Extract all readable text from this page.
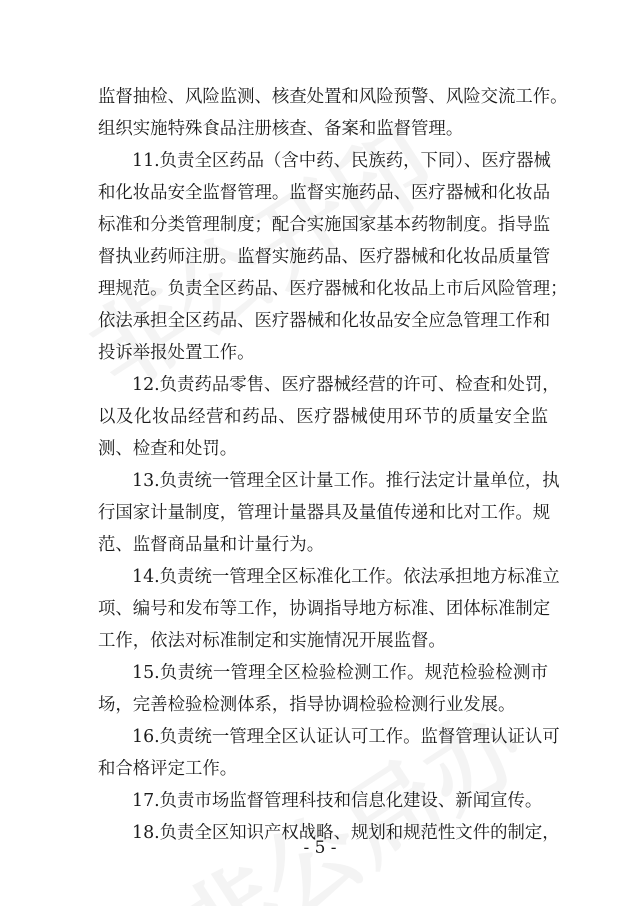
监督抽检、风险监测、核查处置和风险预警、风险交流工作。
组织实施特殊食品注册核查、备案和监督管理。
11.负责全区药品（含中药、民族药，下同）、医疗器械
和化妆品安全监督管理。监督实施药品、医疗器械和化妆品
标准和分类管理制度；配合实施国家基本药物制度。指导监
督执业药师注册。监督实施药品、医疗器械和化妆品质量管
理规范。负责全区药品、医疗器械和化妆品上市后风险管理；
依法承担全区药品、医疗器械和化妆品安全应急管理工作和
投诉举报处置工作。
12.负责药品零售、医疗器械经营的许可、检查和处罚，
以及化妆品经营和药品、医疗器械使用环节的质量安全监
测、检查和处罚。
13.负责统一管理全区计量工作。推行法定计量单位，执
行国家计量制度，管理计量器具及量值传递和比对工作。规
范、监督商品量和计量行为。
14.负责统一管理全区标准化工作。依法承担地方标准立
项、编号和发布等工作，协调指导地方标准、团体标准制定
工作，依法对标准制定和实施情况开展监督。
15.负责统一管理全区检验检测工作。规范检验检测市
场，完善检验检测体系，指导协调检验检测行业发展。
16.负责统一管理全区认证认可工作。监督管理认证认可
和合格评定工作。
17.负责市场监督管理科技和信息化建设、新闻宣传。
18.负责全区知识产权战略、规划和规范性文件的制定，
- 5 -
